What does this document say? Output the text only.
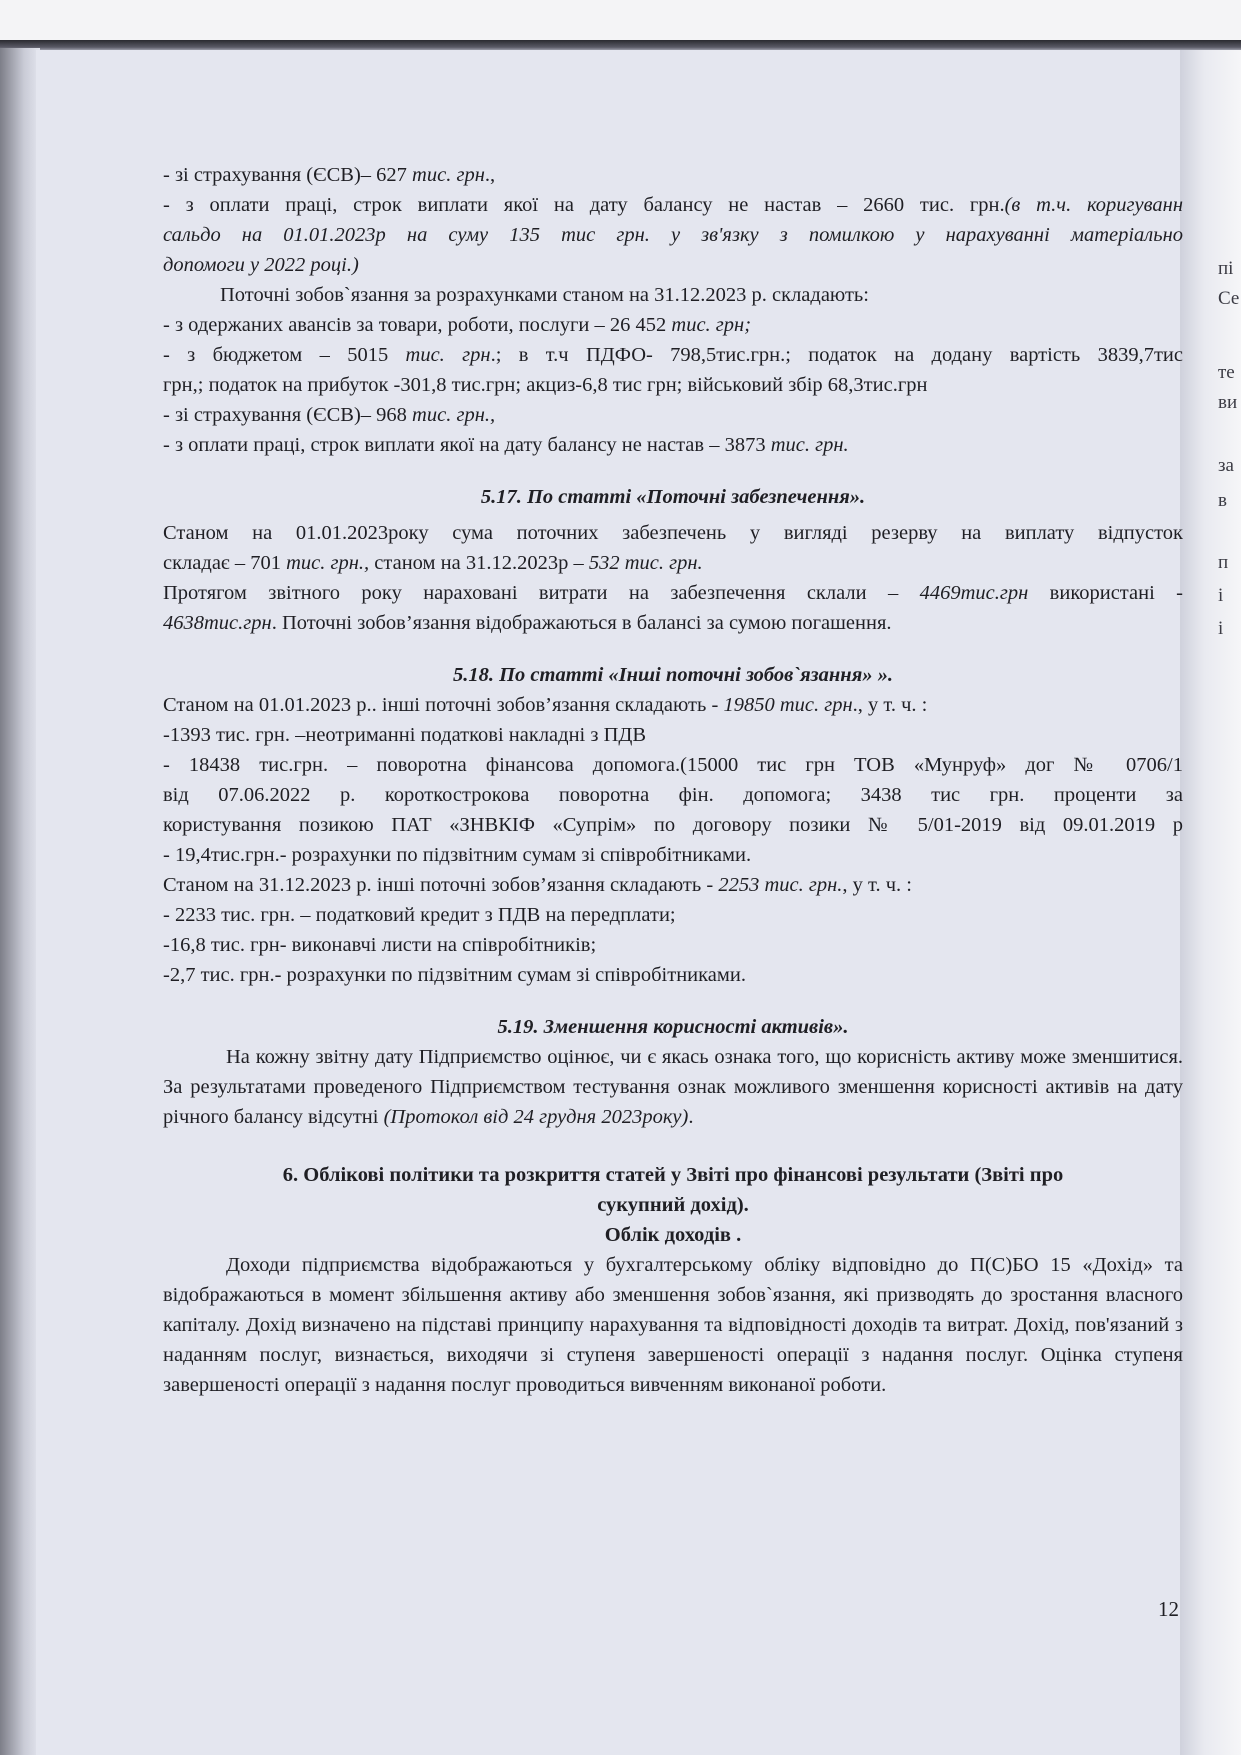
пі
Се
те
ви
за
в
п
і
і

- зі страхування (ЄСВ)– 627 тис. грн.,

- з оплати праці, строк виплати якої на дату балансу не настав – 2660 тис. грн.(в т.ч. коригуванн

сальдо на 01.01.2023р на суму 135 тис грн. у зв'язку з помилкою у нарахуванні матеріально

допомоги у 2022 році.)

Поточні зобов`язання за розрахунками станом на 31.12.2023 р. складають:

- з одержаних авансів за товари, роботи, послуги – 26 452 тис. грн;

- з бюджетом – 5015 тис. грн.; в т.ч ПДФО- 798,5тис.грн.; податок на додану вартість 3839,7тис

грн,; податок на прибуток -301,8 тис.грн; акциз-6,8 тис грн; військовий збір 68,3тис.грн

- зі страхування (ЄСВ)– 968 тис. грн.,

- з оплати праці, строк виплати якої на дату балансу не настав – 3873 тис. грн.

5.17. По статті «Поточні забезпечення».

Станом на 01.01.2023року сума поточних забезпечень у вигляді резерву на виплату відпусток

складає – 701 тис. грн., станом на 31.12.2023р – 532 тис. грн.

Протягом звітного року нараховані витрати на забезпечення склали – 4469тис.грн використані -

4638тис.грн. Поточні зобов’язання відображаються в балансі за сумою погашення.

5.18. По статті «Інші поточні зобов`язання» ».

Станом на 01.01.2023 р.. інші поточні зобов’язання складають - 19850 тис. грн., у т. ч. :

-1393 тис. грн. –неотриманні податкові накладні з ПДВ

- 18438 тис.грн. – поворотна фінансова допомога.(15000 тис грн ТОВ «Мунруф» дог № 0706/1

від 07.06.2022 р. короткострокова поворотна фін. допомога; 3438 тис грн. проценти за

користування позикою ПАТ «ЗНВКІФ «Супрім» по договору позики № 5/01-2019 від 09.01.2019 р

- 19,4тис.грн.- розрахунки по підзвітним сумам зі співробітниками.

Станом на 31.12.2023 р. інші поточні зобов’язання складають - 2253 тис. грн., у т. ч. :

- 2233 тис. грн. – податковий кредит з ПДВ на передплати;

-16,8 тис. грн- виконавчі листи на співробітників;

-2,7 тис. грн.- розрахунки по підзвітним сумам зі співробітниками.

5.19. Зменшення корисності активів».

На кожну звітну дату Підприємство оцінює, чи є якась ознака того, що корисність активу може зменшитися. За результатами проведеного Підприємством тестування ознак можливого зменшення корисності активів на дату річного балансу відсутні (Протокол від 24 грудня 2023року).

6. Облікові політики та розкриття статей у Звіті про фінансові результати (Звіті про

сукупний дохід).

Облік доходів .

Доходи підприємства відображаються у бухгалтерському обліку відповідно до П(С)БО 15 «Дохід» та відображаються в момент збільшення активу або зменшення зобов`язання, які призводять до зростання власного капіталу. Дохід визначено на підставі принципу нарахування та відповідності доходів та витрат. Дохід, пов'язаний з наданням послуг, визнається, виходячи зі ступеня завершеності операції з надання послуг. Оцінка ступеня завершеності операції з надання послуг проводиться вивченням виконаної роботи.

12
